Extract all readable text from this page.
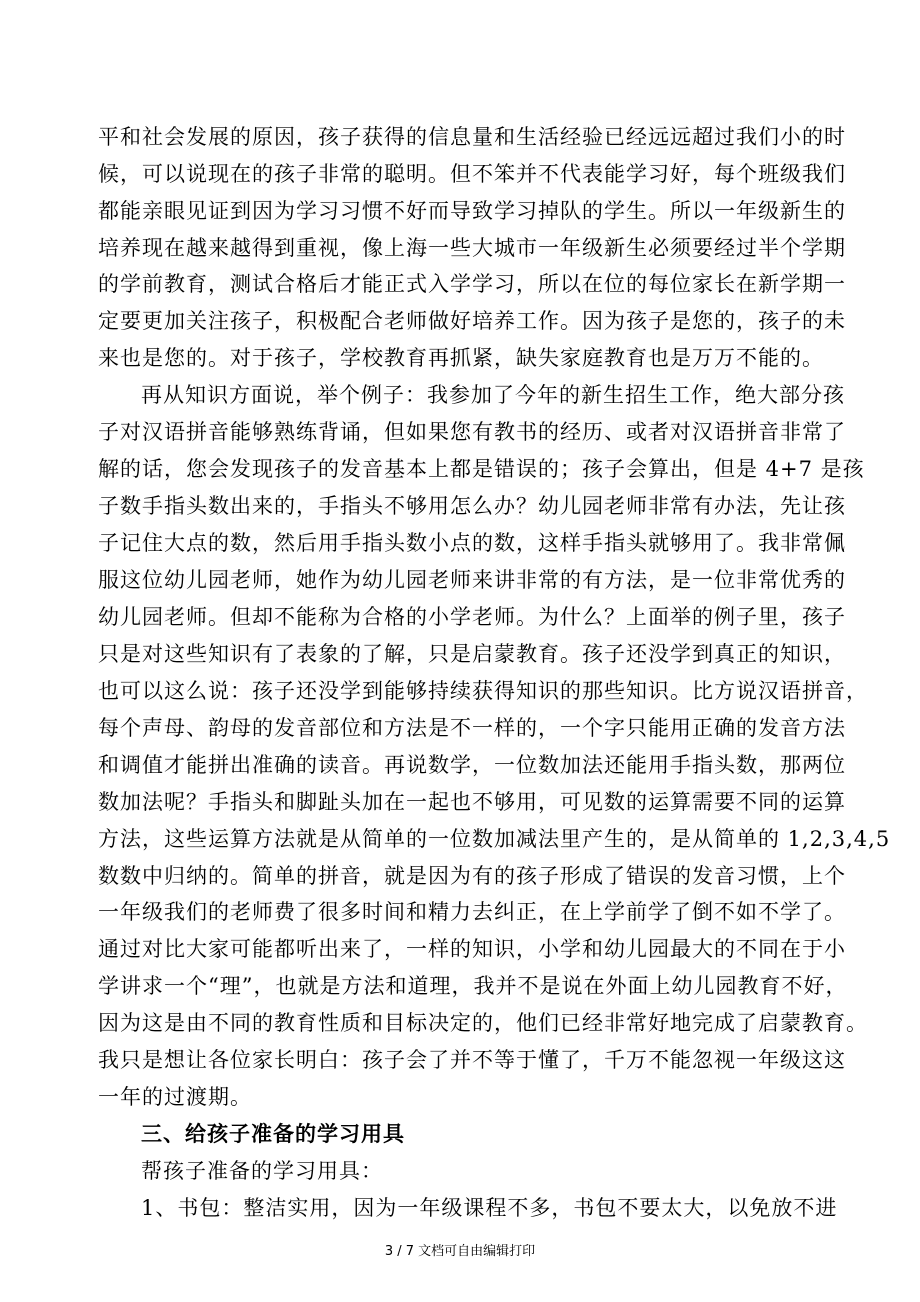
平和社会发展的原因，孩子获得的信息量和生活经验已经远远超过我们小的时
候，可以说现在的孩子非常的聪明。但不笨并不代表能学习好，每个班级我们
都能亲眼见证到因为学习习惯不好而导致学习掉队的学生。所以一年级新生的
培养现在越来越得到重视，像上海一些大城市一年级新生必须要经过半个学期
的学前教育，测试合格后才能正式入学学习，所以在位的每位家长在新学期一
定要更加关注孩子，积极配合老师做好培养工作。因为孩子是您的，孩子的未
来也是您的。对于孩子，学校教育再抓紧，缺失家庭教育也是万万不能的。
再从知识方面说，举个例子：我参加了今年的新生招生工作，绝大部分孩
子对汉语拼音能够熟练背诵，但如果您有教书的经历、或者对汉语拼音非常了
解的话，您会发现孩子的发音基本上都是错误的；孩子会算出，但是 4+7 是孩
子数手指头数出来的，手指头不够用怎么办？幼儿园老师非常有办法，先让孩
子记住大点的数，然后用手指头数小点的数，这样手指头就够用了。我非常佩
服这位幼儿园老师，她作为幼儿园老师来讲非常的有方法，是一位非常优秀的
幼儿园老师。但却不能称为合格的小学老师。为什么？上面举的例子里，孩子
只是对这些知识有了表象的了解，只是启蒙教育。孩子还没学到真正的知识，
也可以这么说：孩子还没学到能够持续获得知识的那些知识。比方说汉语拼音，
每个声母、韵母的发音部位和方法是不一样的，一个字只能用正确的发音方法
和调值才能拼出准确的读音。再说数学，一位数加法还能用手指头数，那两位
数加法呢？手指头和脚趾头加在一起也不够用，可见数的运算需要不同的运算
方法，这些运算方法就是从简单的一位数加减法里产生的，是从简单的 1,2,3,4,5
数数中归纳的。简单的拼音，就是因为有的孩子形成了错误的发音习惯，上个
一年级我们的老师费了很多时间和精力去纠正，在上学前学了倒不如不学了。
通过对比大家可能都听出来了，一样的知识，小学和幼儿园最大的不同在于小
学讲求一个“理”，也就是方法和道理，我并不是说在外面上幼儿园教育不好，
因为这是由不同的教育性质和目标决定的，他们已经非常好地完成了启蒙教育。
我只是想让各位家长明白：孩子会了并不等于懂了，千万不能忽视一年级这这
一年的过渡期。
三、给孩子准备的学习用具
帮孩子准备的学习用具：
1、书包：整洁实用，因为一年级课程不多，书包不要太大，以免放不进
3 / 7 文档可自由编辑打印
